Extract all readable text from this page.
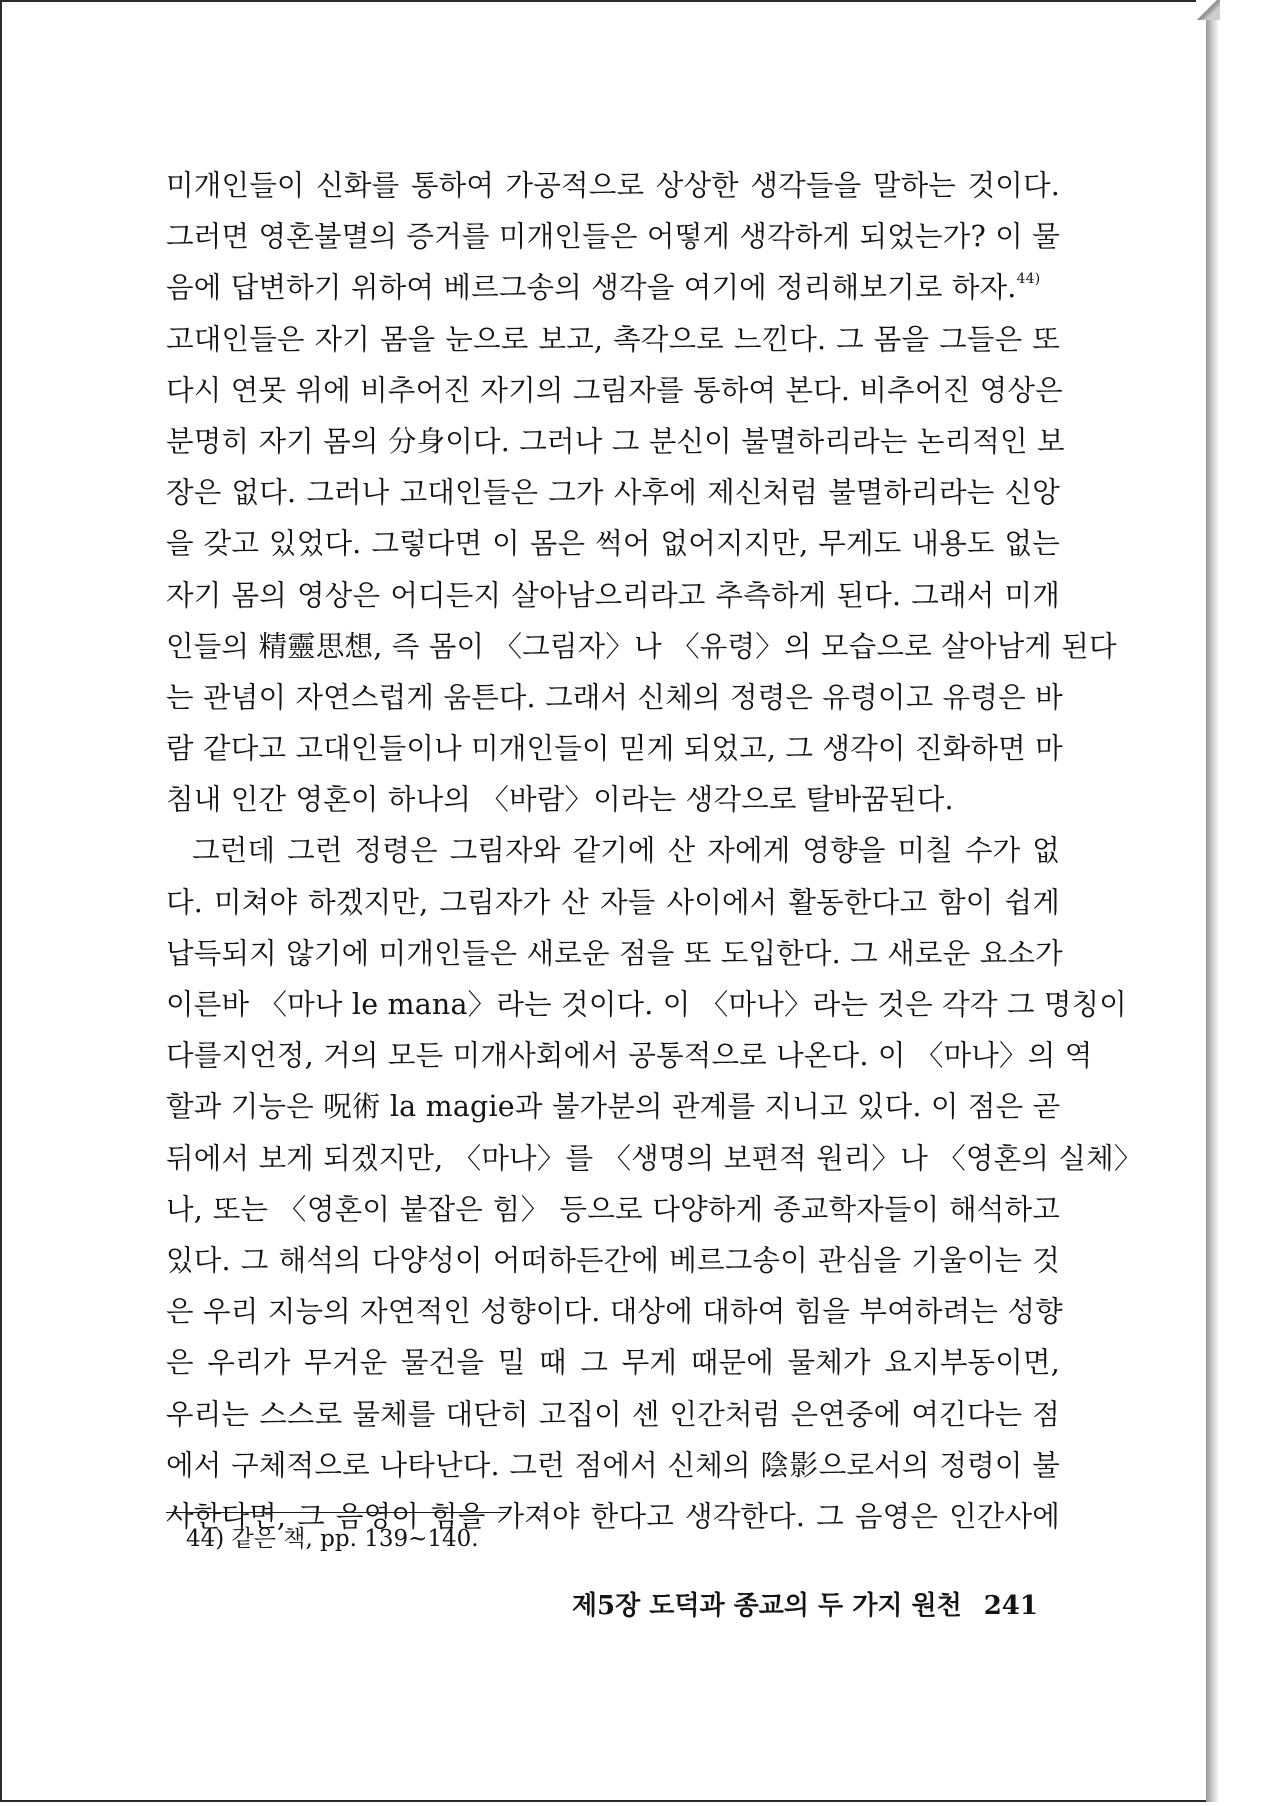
미개인들이 신화를 통하여 가공적으로 상상한 생각들을 말하는 것이다.
그러면 영혼불멸의 증거를 미개인들은 어떻게 생각하게 되었는가? 이 물
음에 답변하기 위하여 베르그송의 생각을 여기에 정리해보기로 하자.$^{44)}$
고대인들은 자기 몸을 눈으로 보고, 촉각으로 느낀다. 그 몸을 그들은 또
다시 연못 위에 비추어진 자기의 그림자를 통하여 본다. 비추어진 영상은
분명히 자기 몸의 分身이다. 그러나 그 분신이 불멸하리라는 논리적인 보
장은 없다. 그러나 고대인들은 그가 사후에 제신처럼 불멸하리라는 신앙
을 갖고 있었다. 그렇다면 이 몸은 썩어 없어지지만, 무게도 내용도 없는
자기 몸의 영상은 어디든지 살아남으리라고 추측하게 된다. 그래서 미개
인들의 精靈思想, 즉 몸이 〈그림자〉나 〈유령〉의 모습으로 살아남게 된다
는 관념이 자연스럽게 움튼다. 그래서 신체의 정령은 유령이고 유령은 바
람 같다고 고대인들이나 미개인들이 믿게 되었고, 그 생각이 진화하면 마
침내 인간 영혼이 하나의 〈바람〉이라는 생각으로 탈바꿈된다.
그런데 그런 정령은 그림자와 같기에 산 자에게 영향을 미칠 수가 없
다. 미쳐야 하겠지만, 그림자가 산 자들 사이에서 활동한다고 함이 쉽게
납득되지 않기에 미개인들은 새로운 점을 또 도입한다. 그 새로운 요소가
이른바 〈마나 le mana〉라는 것이다. 이 〈마나〉라는 것은 각각 그 명칭이
다를지언정, 거의 모든 미개사회에서 공통적으로 나온다. 이 〈마나〉의 역
할과 기능은 呪術 la magie과 불가분의 관계를 지니고 있다. 이 점은 곧
뒤에서 보게 되겠지만, 〈마나〉를 〈생명의 보편적 원리〉나 〈영혼의 실체〉
나, 또는 〈영혼이 붙잡은 힘〉 등으로 다양하게 종교학자들이 해석하고
있다. 그 해석의 다양성이 어떠하든간에 베르그송이 관심을 기울이는 것
은 우리 지능의 자연적인 성향이다. 대상에 대하여 힘을 부여하려는 성향
은 우리가 무거운 물건을 밀 때 그 무게 때문에 물체가 요지부동이면,
우리는 스스로 물체를 대단히 고집이 센 인간처럼 은연중에 여긴다는 점
에서 구체적으로 나타난다. 그런 점에서 신체의 陰影으로서의 정령이 불
사한다면, 그 음영이 힘을 가져야 한다고 생각한다. 그 음영은 인간사에
44) 같은 책, pp. 139~140.
제5장 도덕과 종교의 두 가지 원천 241
